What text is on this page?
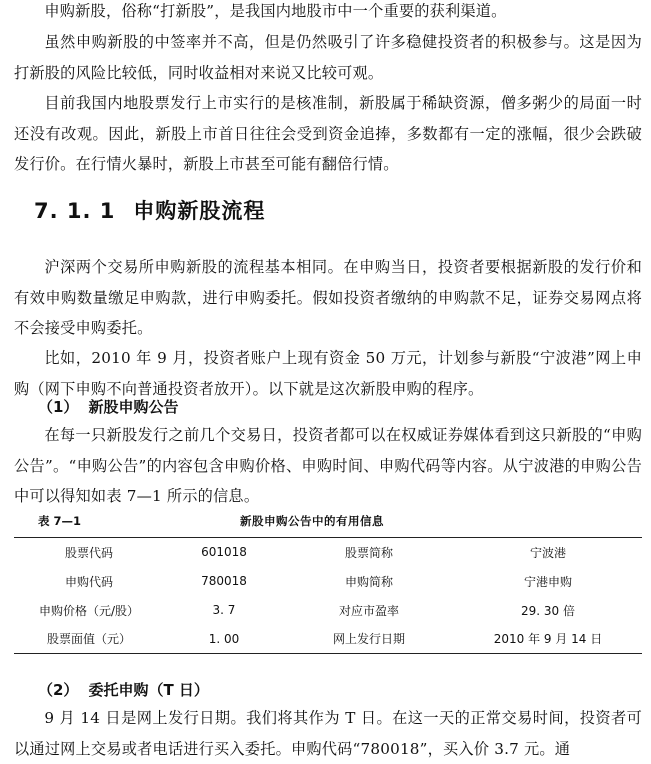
申购新股，俗称“打新股”，是我国内地股市中一个重要的获利渠道。

虽然申购新股的中签率并不高，但是仍然吸引了许多稳健投资者的积极参与。这是因为打新股的风险比较低，同时收益相对来说又比较可观。

目前我国内地股票发行上市实行的是核准制，新股属于稀缺资源，僧多粥少的局面一时还没有改观。因此，新股上市首日往往会受到资金追捧，多数都有一定的涨幅，很少会跌破发行价。在行情火暴时，新股上市甚至可能有翻倍行情。

7. 1. 1 申购新股流程

沪深两个交易所申购新股的流程基本相同。在申购当日，投资者要根据新股的发行价和有效申购数量缴足申购款，进行申购委托。假如投资者缴纳的申购款不足，证券交易网点将不会接受申购委托。

比如，2010 年 9 月，投资者账户上现有资金 50 万元，计划参与新股“宁波港”网上申购（网下申购不向普通投资者放开）。以下就是这次新股申购的程序。

（1） 新股申购公告

在每一只新股发行之前几个交易日，投资者都可以在权威证券媒体看到这只新股的“申购公告”。“申购公告”的内容包含申购价格、申购时间、申购代码等内容。从宁波港的申购公告中可以得知如表 7—1 所示的信息。

表 7—1	新股申购公告中的有用信息
股票代码	601018	股票简称	宁波港
申购代码	780018	申购简称	宁港申购
申购价格（元/股）	3. 7	对应市盈率	29. 30 倍
股票面值（元）	1. 00	网上发行日期	2010 年 9 月 14 日
（2） 委托申购（T 日）

9 月 14 日是网上发行日期。我们将其作为 T 日。在这一天的正常交易时间，投资者可以通过网上交易或者电话进行买入委托。申购代码“780018”，买入价 3.7 元。通
